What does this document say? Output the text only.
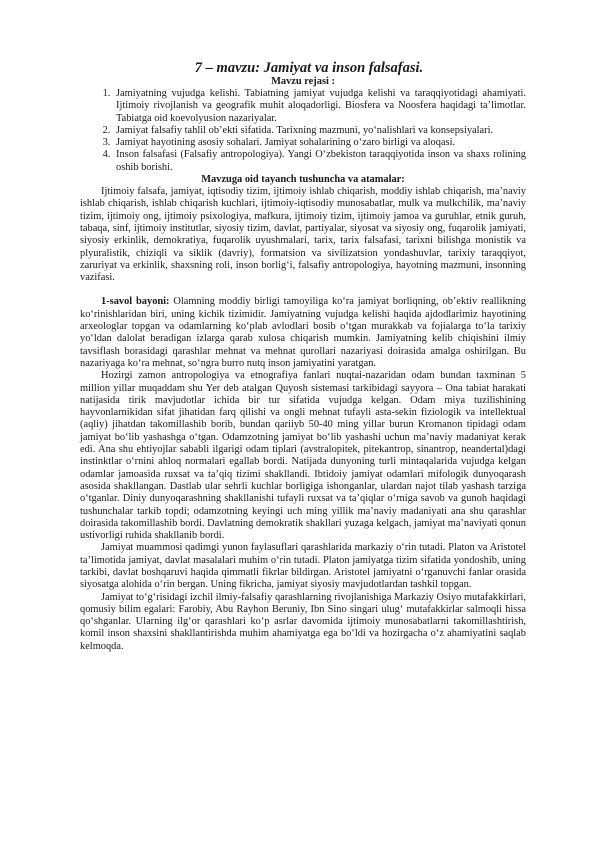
7 – mavzu: Jamiyat va inson falsafasi.
Mavzu rejasi :
1. Jamiyatning vujudga kelishi. Tabiatning jamiyat vujudga kelishi va taraqqiyotidagi ahamiyati. Ijtimoiy rivojlanish va geografik muhit aloqadorligi. Biosfera va Noosfera haqidagi ta’limotlar. Tabiatga oid koevolyusion nazariyalar.
2. Jamiyat falsafiy tahlil ob’ekti sifatida. Tarixning mazmuni, yo‘nalishlari va konsepsiyalari.
3. Jamiyat hayotining asosiy sohalari. Jamiyat sohalarining o‘zaro birligi va aloqasi.
4. Inson falsafasi (Falsafiy antropologiya). Yangi O‘zbekiston taraqqiyotida inson va shaxs rolining oshib borishi.
Mavzuga oid tayanch tushuncha va atamalar:

Ijtimoiy falsafa, jamiyat, iqtisodiy tizim, ijtimoiy ishlab chiqarish, moddiy ishlab chiqarish, ma’naviy ishlab chiqarish, ishlab chiqarish kuchlari, ijtimoiy-iqtisodiy munosabatlar, mulk va mulkchilik, ma’naviy tizim, ijtimoiy ong, ijtimoiy psixologiya, mafkura, ijtimoiy tizim, ijtimoiy jamoa va guruhlar, etnik guruh, tabaqa, sinf, ijtimoiy institutlar, siyosiy tizim, davlat, partiyalar, siyosat va siyosiy ong, fuqarolik jamiyati, siyosiy erkinlik, demokratiya, fuqarolik uyushmalari, tarix, tarix falsafasi, tarixni bilishga monistik va plyuralistik, chiziqli va siklik (davriy), formatsion va sivilizatsion yondashuvlar, tarixiy taraqqiyot, zaruriyat va erkinlik, shaxsning roli, inson borlig‘i, falsafiy antropologiya, hayotning mazmuni, insonning vazifasi.

1-savol bayoni: Olamning moddiy birligi tamoyiliga ko‘ra jamiyat borliqning, ob’ektiv reallikning ko‘rinishlaridan biri, uning kichik tizimidir. Jamiyatning vujudga kelishi haqida ajdodlarimiz hayotining arxeologlar topgan va odamlarning ko‘plab avlodlari bosib o‘tgan murakkab va fojialarga to‘la tarixiy yo‘ldan dalolat beradigan izlarga qarab xulosa chiqarish mumkin. Jamiyatning kelib chiqishini ilmiy tavsiflash borasidagi qarashlar mehnat va mehnat qurollari nazariyasi doirasida amalga oshirilgan. Bu nazariyaga ko‘ra mehnat, so‘ngra burro nutq inson jamiyatini yaratgan.

Hozirgi zamon antropologiya va etnografiya fanlari nuqtai-nazaridan odam bundan taxminan 5 million yillar muqaddam shu Yer deb atalgan Quyosh sistemasi tarkibidagi sayyora – Ona tabiat harakati natijasida tirik mavjudotlar ichida bir tur sifatida vujudga kelgan. Odam miya tuzilishining hayvonlarnikidan sifat jihatidan farq qilishi va ongli mehnat tufayli asta-sekin fiziologik va intellektual (aqliy) jihatdan takomillashib borib, bundan qariiyb 50-40 ming yillar burun Kromanon tipidagi odam jamiyat bo‘lib yashashga o‘tgan. Odamzotning jamiyat bo‘lib yashashi uchun ma’naviy madaniyat kerak edi. Ana shu ehtiyojlar sababli ilgarigi odam tiplari (avstralopitek, pitekantrop, sinantrop, neandertal)dagi instinktlar o‘rnini ahloq normalari egallab bordi. Natijada dunyoning turli mintaqalarida vujudga kelgan odamlar jamoasida ruxsat va ta’qiq tizimi shakllandi. Ibtidoiy jamiyat odamlari mifologik dunyoqarash asosida shakllangan. Dastlab ular sehrli kuchlar borligiga ishonganlar, ulardan najot tilab yashash tarziga o‘tganlar. Diniy dunyoqarashning shakllanishi tufayli ruxsat va ta’qiqlar o‘rniga savob va gunoh haqidagi tushunchalar tarkib topdi; odamzotning keyingi uch ming yillik ma’naviy madaniyati ana shu qarashlar doirasida takomillashib bordi. Davlatning demokratik shakllari yuzaga kelgach, jamiyat ma’naviyati qonun ustivorligi ruhida shakllanib bordi.

Jamiyat muammosi qadimgi yunon faylasuflari qarashlarida markaziy o‘rin tutadi. Platon va Aristotel ta’limotida jamiyat, davlat masalalari muhim o‘rin tutadi. Platon jamiyatga tizim sifatida yondoshib, uning tarkibi, davlat boshqaruvi haqida qimmatli fikrlar bildirgan. Aristotel jamiyatni o‘rganuvchi fanlar orasida siyosatga alohida o‘rin bergan. Uning fikricha, jamiyat siyosiy mavjudotlardan tashkil topgan.

Jamiyat to‘g‘risidagi izchil ilmiy-falsafiy qarashlarning rivojlanishiga Markaziy Osiyo mutafakkirlari, qomusiy bilim egalari: Farobiy, Abu Rayhon Beruniy, Ibn Sino singari ulug‘ mutafakkirlar salmoqli hissa qo‘shganlar. Ularning ilg‘or qarashlari ko‘p asrlar davomida ijtimoiy munosabatlarni takomillashtirish, komil inson shaxsini shakllantirishda muhim ahamiyatga ega bo‘ldi va hozirgacha o‘z ahamiyatini saqlab kelmoqda.
